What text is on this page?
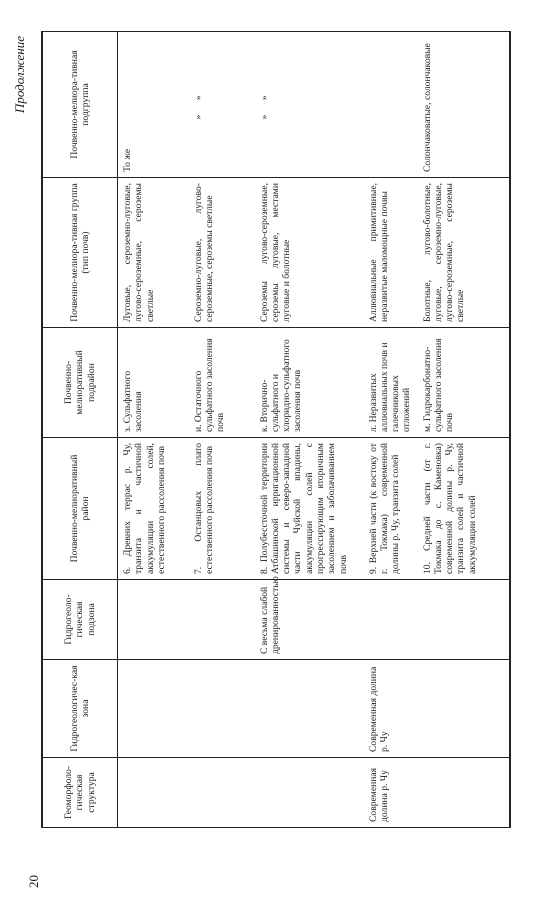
Продолжение
20
Геоморфоло-гическая структура	Гидрогеологичес-кая зона	Гидрогеоло-гическая подзона	Почвенно-мелиоративный район	Почвенно-мелиоративный подрайон	Почвенно-мелиора-тивная группа (тип почв)	Почвенно-мелиора-тивная подгруппа
			6. Древних террас р. Чу, транзита и частичной аккумуляции солей, естественного рассоления почв	з. Сульфатного засоления	Луговые, сероземно-луговые, лугово-сероземные, сероземы светлые	То же
			7. Останцовых плато естественного рассоления почв	и. Остаточного сульфатного засоления почв	Сероземно-луговые, лугово-сероземные, сероземы светлые	» »

		С весьма слабой дренированностью	8. Полубессточной территории Атбашинской ирригационной системы и северо-западной части Чуйской впадины, аккумуляции солей с прогрессирующим вторичным засолением и заболачиванием почв	к. Вторично-сульфатного и хлоридно-сульфатного засоления почв	Сероземы лугово-сероземные, сероземы луговые, местами луговые и болотные	» »

Современная долина р. Чу	Современная долина р. Чу		9. Верхней части (к востоку от г. Токмака) современной долины р. Чу, транзита солей	л. Неразвитых аллювиальных почв и галечниковых отложений	Аллювиальные примитивные, неразвитые маломощные почвы	
			10. Средней части (от г. Токмака до с. Каменовка) современной долины р. Чу, транзита солей и частичной аккумуляции солей	м. Гидрокарбонатно-сульфатного засоления почв	Болотные, лугово-болотные, луговые, сероземно-луговые, лугово-сероземные, сероземы светлые	Солончаковатые, солончаковые
